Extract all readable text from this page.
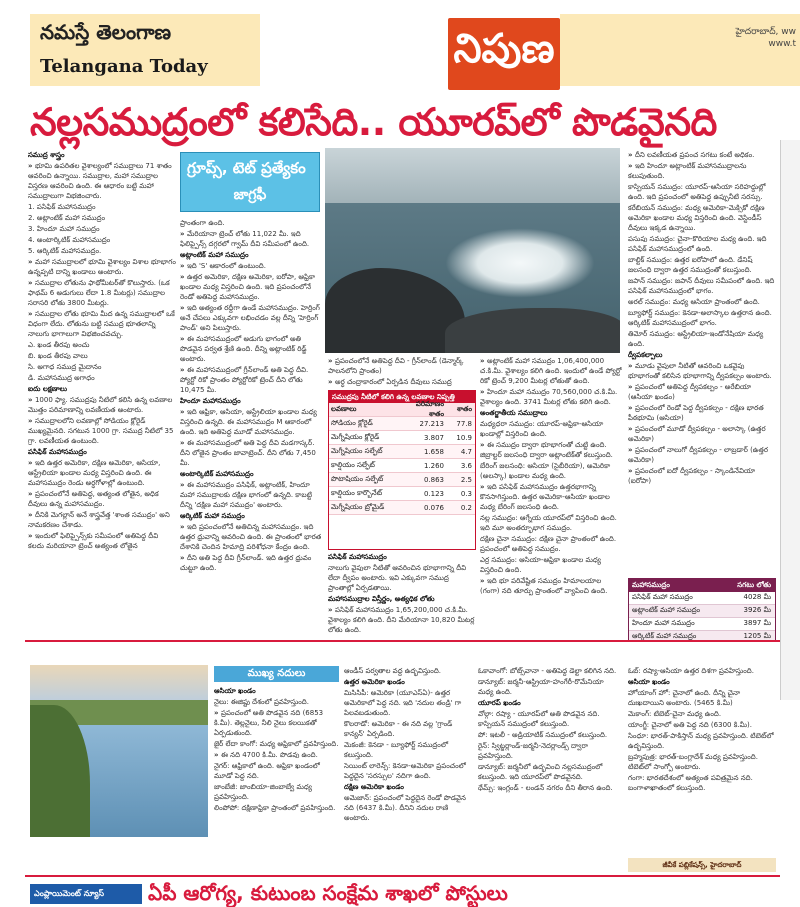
నమస్తే తెలంగాణ
Telangana Today	నిపుణ	హైదరాబాద్, ww www.t
నల్లసముద్రంలో కలిసేది.. యూరప్‌లో పొడవైనది

సముద్ర శాస్త్రం

» భూమి ఉపరితల వైశాల్యంలో సముద్రాలు 71 శాతం ఆవరించి ఉన్నాయి. సముద్రాల, మహా సముద్రాల విస్తరణ ఆవరించి ఉంది. ఈ ఆధారం బట్టి మహా సముద్రాలుగా విభజించారు.

1. పసిఫిక్ మహాసముద్రం

2. అట్లాంటిక్ మహా సముద్రం

3. హిందూ మహా సముద్రం

4. అంటార్కిటిక్ మహాసముద్రం

5. ఆర్కిటిక్ మహాసముద్రం.

» మహా సముద్రాలలో భూమి వైశాల్యం విశాల భూభాగం ఉన్నప్పటి దాన్ని ఖండాలు అంటారు.

» సముద్రాల లోతును ఫాథోమీటర్‌తో కొలుస్తారు. (ఒక ఫాథమ్ 6 అడుగులు లేదా 1.8 మీటర్లు) సముద్రాల సరాసరి లోతు 3800 మీటర్లు.

» సముద్రాల లోతు భూమి మీద ఉన్న సముద్రాలలో ఒకే విధంగా లేదు. లోతును బట్టి సముద్ర భూతలాన్ని నాలుగు భాగాలుగా విభజించవచ్చు.

ఎ. ఖండ తీరపు అంచు

బి. ఖండ తీరపు వాలు

సి. అగాధ సముద్ర మైదానం

డి. మహాసముద్ర అగాధం

ఐదు లక్షణాలు

» 1000 ఫ్యా. సముద్రపు నీటిలో కలిసి ఉన్న లవణాల మొత్తం పరిమాణాన్ని లవణీయత అంటారు.

» సముద్రాలలోని లవణాల్లో సోడియం క్లోరైడ్ ముఖ్యమైనది. సగటున 1000 గ్రా. సముద్ర నీటిలో 35 గ్రా. లవణీయత ఉంటుంది.

పసిఫిక్ మహాసముద్రం

» ఇది ఉత్తర అమెరికా, దక్షిణ అమెరికా, ఆసియా, ఆస్ట్రేలియా ఖండాల మధ్య విస్తరించి ఉంది. ఈ మహాసముద్రం రెండు అర్ధగోళాల్లో ఉంటుంది.

» ప్రపంచంలోనే అతిపెద్ద, అత్యంత లోతైన, అధిక దీవులు ఉన్న మహాసముద్రం.

» దీనికి మెగల్లాన్ అనే శాస్త్రవేత్త 'శాంత సముద్రం' అని నామకరణం చేశాడు.

» ఇందులో ఫిలిప్పైన్స్‌కు సమీపంలో అతిపెద్ద దీవి కలదు మరియానా ట్రెంచ్ అత్యంత లోతైన

గ్రూప్స్, టెట్ ప్రత్యేకం
జాగ్రఫీ

ప్రాంతంగా ఉంది.

» మేరియానా ట్రెంచ్ లోతు 11,022 మీ. ఇది ఫిలిప్పైన్స్ దగ్గరలో గ్వామ్ దీవి సమీపంలో ఉంది.

అట్లాంటిక్ మహా సముద్రం

» ఇది 'S' ఆకారంలో ఉంటుంది.

» ఉత్తర అమెరికా, దక్షిణ అమెరికా, ఐరోపా, ఆఫ్రికా ఖండాల మధ్య విస్తరించి ఉంది. ఇది ప్రపంచంలోనే రెండో అతిపెద్ద మహాసముద్రం.

» ఇది అత్యంత రద్దీగా ఉండే మహాసముద్రం. హెర్రింగ్ అనే చేపలు ఎక్కువగా లభించడం వల్ల దీన్ని 'హెర్రింగ్ పాండ్' అని పిలుస్తారు.

» ఈ మహాసముద్రంలో అడుగు భాగంలో అతి పొడవైన పర్వత శ్రేణి ఉంది. దీన్ని అట్లాంటిక్ రిడ్జ్ అంటారు.

» ఈ మహాసముద్రంలో గ్రీన్‌లాండ్ అతి పెద్ద దీవి. ప్యోర్టో రికో ప్రాంతం ప్యోర్టోరికో ట్రెంచ్ దీని లోతు 10,475 మీ.

హిందూ మహాసముద్రం

» ఇది ఆఫ్రికా, ఆసియా, ఆస్ట్రేలియా ఖండాల మధ్య విస్తరించి ఉన్నది. ఈ మహాసముద్రం M ఆకారంలో ఉంది. ఇది అతిపెద్ద మూడో మహాసముద్రం.

» ఈ మహాసముద్రంలో అతి పెద్ద దీవి మడగాస్కర్. దీని లోతైన ప్రాంతం జావాట్రెంచ్. దీని లోతు 7,450 మీ.

అంటార్కిటిక్ మహాసముద్రం

» ఈ మహాసముద్రం పసిఫిక్, అట్లాంటిక్, హిందూ మహా సముద్రాలకు దక్షిణ భాగంలో ఉన్నది. కాబట్టి దీన్ని 'దక్షిణ మహా సముద్రం' అంటారు.

ఆర్కిటిక్ మహా సముద్రం

» ఇది ప్రపంచంలోనే అతిచిన్న మహాసముద్రం. ఇది ఉత్తర ధ్రువాన్ని ఆవరించి ఉంది. ఈ ప్రాంతంలో భారత దేశానికి చెందిన హిమాద్రి పరిశోధనా కేంద్రం ఉంది.

» దీని అతి పెద్ద దీవి గ్రీన్‌లాండ్. ఇది ఉత్తర ధ్రువం చుట్టూ ఉంది.

» ప్రపంచంలోనే అతిపెద్ద దీవి - గ్రీన్‌లాండ్ (డెన్మార్క్ పాలనలోని ప్రాంతం)

» అర్ధ చంద్రాకారంలో ఏర్పడిన దీవులు సముద్ర

సముద్రపు నీటిలో కలిగి ఉన్న లవణాల నిష్పత్తి
లవణాలు
పరిమాణం శాతం
శాతం
సోడియం క్లోరైడ్	27.213	77.8
మెగ్నీషియం క్లోరైడ్	3.807	10.9
మెగ్నీషియం సల్ఫేట్	1.658	4.7
కాల్షియం సల్ఫేట్	1.260	3.6
పొటాషియం సల్ఫేట్	0.863	2.5
కాల్షియం కార్బొనేట్	0.123	0.3
మెగ్నీషియం బ్రోమైడ్	0.076	0.2

పసిఫిక్ మహాసముద్రం

నాలుగు వైపులా నీటితో ఆవరించిన భూభాగాన్ని దీవి లేదా ద్వీపం అంటారు. ఇవి ఎక్కువగా సముద్ర ప్రాంతాల్లో ఏర్పడతాయి.

మహాసముద్రాల విస్తీర్ణం, అత్యధిక లోతు

» పసిఫిక్ మహాసముద్రం 1,65,200,000 చ.కి.మీ. వైశాల్యం కలిగి ఉంది. దీని మేరియానా 10,820 మీటర్ల లోతు ఉంది.

» అట్లాంటిక్ మహా సముద్రం 1,06,400,000 చ.కి.మీ. వైశాల్యం కలిగి ఉంది. ఇందులో ఉండే ప్యోర్టో రికో ట్రెంచ్ 9,200 మీటర్ల లోతుతో ఉంది.

» హిందూ మహా సముద్రం 70,560,000 చ.కి.మీ. వైశాల్యం ఉంది. 3741 మీటర్ల లోతు కలిగి ఉంది.

అంతర్జాతీయ సముద్రాలు

మధ్యధరా సముద్రం: యూరప్-ఆఫ్రికా-ఆసియా ఖండాల్లో విస్తరించి ఉంది.

» ఈ సముద్రం ద్వారా భూభాగంతో చుట్టి ఉంది. జిబ్రాల్టర్ జలసంధి ద్వారా అట్లాంటిక్‌తో కలుస్తుంది.

బేరింగ్ జలసంధి: ఆసియా (సైబీరియా), అమెరికా (అలస్కా) ఖండాల మధ్య ఉంది.

» ఇది పసిఫిక్ మహాసముద్రం ఉత్తరభాగాన్ని కొనసాగిస్తుంది. ఉత్తర అమెరికా-ఆసియా ఖండాల మధ్య బేరింగ్ జలసంధి ఉంది.

నల్ల సముద్రం: ఆగ్నేయ యూరప్‌లో విస్తరించి ఉంది. ఇది మూ అంతర్భూభాగ సముద్రం.

దక్షిణ చైనా సముద్రం: దక్షిణ చైనా ప్రాంతంలో ఉంది. ప్రపంచంలో అతిపెద్ద సముద్రం.

ఎర్ర సముద్రం: ఆసియా-ఆఫ్రికా ఖండాల మధ్య విస్తరించి ఉంది.

» ఇది భూ పరివేష్టిత సముద్రం హిమాలయాల (గంగా) నది తూర్పు ప్రాంతంలో వ్యాపించి ఉంది.

» దీని లవణీయత ప్రపంచ సగటు కంటే అధికం.

» ఇది హిందూ అట్లాంటిక్ మహాసముద్రాలను కలుపుతుంది.

కాస్పియన్ సముద్రం: యూరప్-ఆసియా సరిహద్దుల్లో ఉంది. ఇది ప్రపంచంలో అతిపెద్ద ఉప్పునీటి సరస్సు.

కరేబియన్ సముద్రం: మధ్య అమెరికా-మెక్సికో దక్షిణ అమెరికా ఖండాల మధ్య విస్తరించి ఉంది. వెస్టిండీస్ దీవులు ఇక్కడ ఉన్నాయి.

పసుపు సముద్రం: చైనా-కొరియాల మధ్య ఉంది. ఇది పసిఫిక్ మహాసముద్రంలో ఉంది.

బాల్టిక్ సముద్రం: ఉత్తర ఐరోపాలో ఉంది. డేనిష్ జలసంధి ద్వారా ఉత్తర సముద్రంతో కలుస్తుంది.

జపాన్ సముద్రం: జపాన్ దీవులు సమీపంలో ఉంది. ఇది పసిఫిక్ మహాసముద్రంలో భాగం.

అరల్ సముద్రం: మధ్య ఆసియా ప్రాంతంలో ఉంది.

బ్యూఫోర్ట్ సముద్రం: కెనడా-అలాస్కాల ఉత్తరాన ఉంది. ఆర్కిటిక్ మహాసముద్రంలో భాగం.

తిమోర్ సముద్రం: ఆస్ట్రేలియా-ఇండోనేషియా మధ్య ఉంది.

ద్వీపకల్పాలు

» మూడు వైపులా నీటితో ఆవరించి ఒకవైపు భూభాగంతో కలిసిన భూభాగాన్ని ద్వీపకల్పం అంటారు.

» ప్రపంచంలో అతిపెద్ద ద్వీపకల్పం - అరేబియా (ఆసియా ఖండం)

» ప్రపంచంలో రెండో పెద్ద ద్వీపకల్పం - దక్షిణ భారత పీఠభూమి (ఆసియా)

» ప్రపంచంలో మూడో ద్వీపకల్పం - అలాస్కా (ఉత్తర అమెరికా)

» ప్రపంచంలో నాలుగో ద్వీపకల్పం - లాబ్రడార్ (ఉత్తర అమెరికా)

» ప్రపంచంలో ఐదో ద్వీపకల్పం - స్కాండినేవియా (ఐరోపా)

మహాసముద్రం	సగటు లోతు
పసిఫిక్ మహా సముద్రం	4028 మీ
అట్లాంటిక్ మహా సముద్రం	3926 మీ
హిందూ మహా సముద్రం	3897 మీ
ఆర్కిటిక్ మహా సముద్రం	1205 మీ
ముఖ్య నదులు

ఆసియా ఖండం

నైలు: ఈజిప్టు దేశంలో ప్రవహిస్తుంది.

» ప్రపంచంలో అతి పొడవైన నది (6853 కి.మీ). తెల్లనైలు, నీలి నైలు కలయికతో ఏర్పడుతుంది.

జైర్ లేదా కాంగో: మధ్య ఆఫ్రికాలో ప్రవహిస్తుంది.

» ఈ నది 4700 కి.మీ. పొడవు ఉంది.

నైగర్: ఆఫ్రికాలో ఉంది. ఆఫ్రికా ఖండంలో మూడో పెద్ద నది.

జాంబేజీ: జాంబియా-జింబాబ్వే మధ్య ప్రవహిస్తుంది.

లింపోపో: దక్షిణాఫ్రికా ప్రాంతంలో ప్రవహిస్తుంది.

ఆండీస్ పర్వతాల వద్ద ఉద్భవిస్తుంది.

ఉత్తర అమెరికా ఖండం

మిసిసిపీ: అమెరికా (యూఎస్‌ఏ)- ఉత్తర అమెరికాలో పెద్ద నది. ఇది 'నదుల తండ్రి' గా పిలవబడుతుంది.

కొలరాడో: అమెరికా - ఈ నది వల్ల 'గ్రాండ్ కాన్యన్' ఏర్పడింది.

మెకంజీ: కెనడా - బ్యూఫోర్ట్ సముద్రంలో కలుస్తుంది.

సెయింట్ లారెన్స్: కెనడా-అమెరికా ప్రపంచంలో పెద్దదైన 'సరస్సుల' నదిగా ఉంది.

దక్షిణ అమెరికా ఖండం

అమెజాన్: ప్రపంచంలో పెద్దదైన రెండో పొడవైన నది (6437 కి.మీ). దీనిని నదుల రాణి అంటారు.

ఓకావాంగో: బోట్స్‌వానా - అతిపెద్ద డెల్టా కలిగిన నది.

డాన్యూబ్: జర్మనీ-ఆస్ట్రియా-హంగేరీ-రొమేనియా మధ్య ఉంది.

యూరప్ ఖండం

వోల్గా: రష్యా - యూరప్‌లో అతి పొడవైన నది. కాస్పియన్ సముద్రంలో కలుస్తుంది.

పో: ఇటలీ - అడ్రియాటిక్ సముద్రంలో కలుస్తుంది.

రైన్: స్విట్జర్లాండ్-జర్మనీ-నెదర్లాండ్స్ ద్వారా ప్రవహిస్తుంది.

డాన్యూబ్: జర్మనీలో ఉద్భవించి నల్లసముద్రంలో కలుస్తుంది. ఇది యూరప్‌లో పొడవైనది.

థేమ్స్: ఇంగ్లండ్ - లండన్ నగరం దీని తీరాన ఉంది.

ఓబ్: రష్యా-ఆసియా ఉత్తర దిశగా ప్రవహిస్తుంది.

ఆసియా ఖండం

హోయాంగ్ హో: చైనాలో ఉంది. దీన్ని చైనా దుఃఖదాయిని అంటారు. (5465 కి.మీ)

మెకాంగ్: టిబెట్-చైనా మధ్య ఉంది.

యాంగ్జీ: చైనాలో అతి పెద్ద నది (6300 కి.మీ).

సింధూ: భారత్-పాకిస్తాన్ మధ్య ప్రవహిస్తుంది. టిబెట్‌లో ఉద్భవిస్తుంది.

బ్రహ్మపుత్ర: భారత్-బంగ్లాదేశ్ మధ్య ప్రవహిస్తుంది. టిబెట్‌లో సాంగ్పో అంటారు.

గంగా: భారతదేశంలో అత్యంత పవిత్రమైన నది. బంగాళాఖాతంలో కలుస్తుంది.

జీవీకే పబ్లికేషన్స్, హైదరాబాద్
ఎంప్లాయిమెంట్ న్యూస్	ఏపీ ఆరోగ్య, కుటుంబ సంక్షేమ శాఖలో పోస్టులు
